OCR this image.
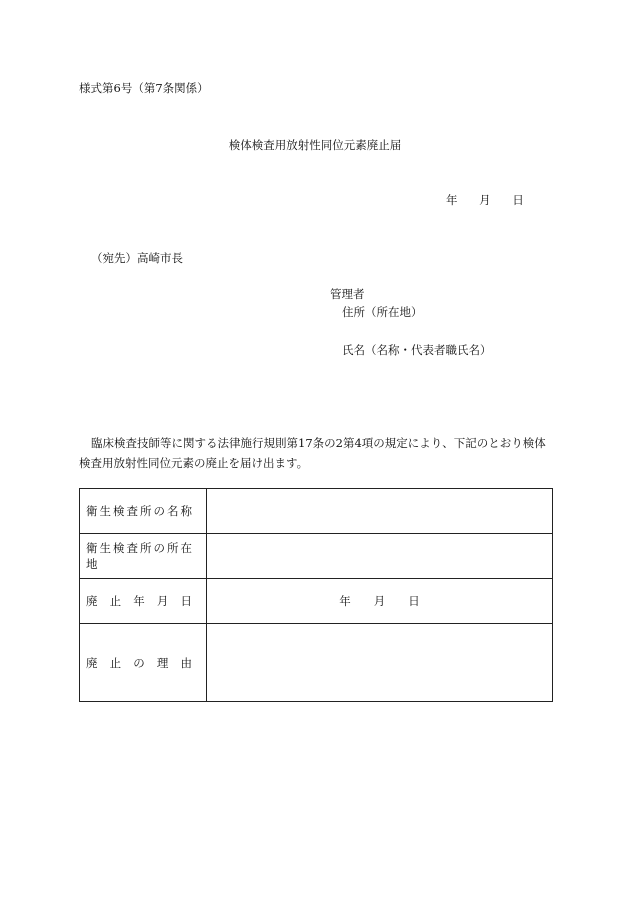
様式第6号（第7条関係）
検体検査用放射性同位元素廃止届
年 月 日
（宛先）高崎市長
管理者
住所（所在地）
氏名（名称・代表者職氏名）
臨床検査技師等に関する法律施行規則第17条の2第4項の規定により、下記のとおり検体検査用放射性同位元素の廃止を届け出ます。
衛生検査所の名称	
衛生検査所の所在地	

廃 止 年 月 日	年　　月　　日

廃 止 の 理 由	
